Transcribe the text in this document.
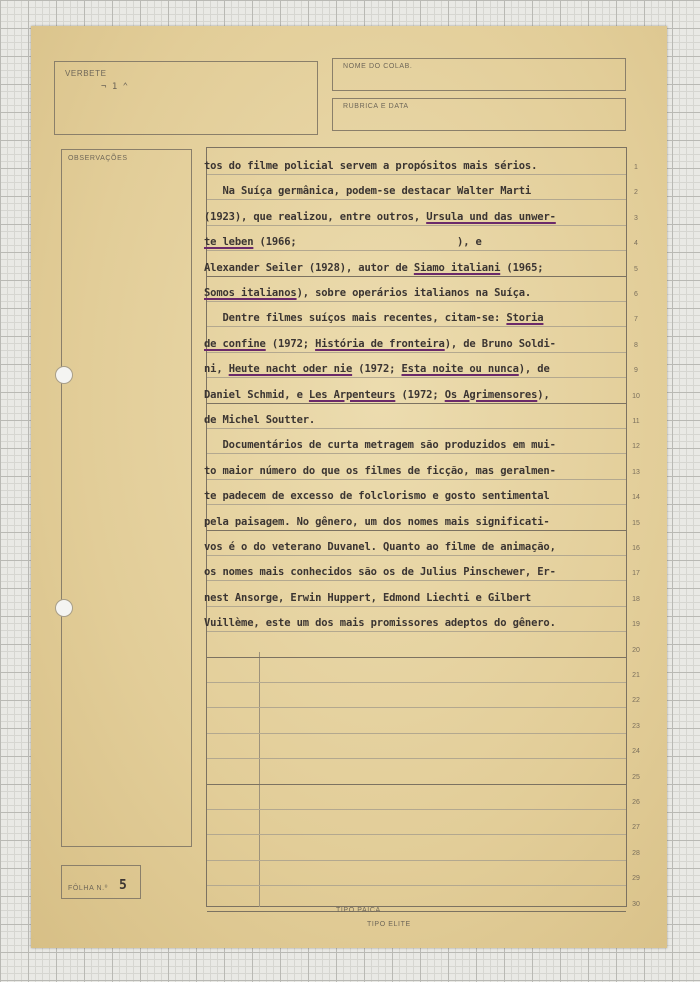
VERBETE
¬ 1 ⌃
NOME DO COLAB.
RUBRICA E DATA
OBSERVAÇÕES
FÔLHA N.º 5
tos do filme policial servem a propósitos mais sérios.
Na Suíça germânica, podem-se destacar Walter Marti
(1923), que realizou, entre outros, Ursula und das unwer-
te leben (1966;                          ), e
Alexander Seiler (1928), autor de Siamo italiani (1965;
Somos italianos), sobre operários italianos na Suíça.
Dentre filmes suíços mais recentes, citam-se: Storia
de confine (1972; História de fronteira), de Bruno Soldi-
ni, Heute nacht oder nie (1972; Esta noite ou nunca), de
Daniel Schmid, e Les Arpenteurs (1972; Os Agrimensores),
de Michel Soutter.
Documentários de curta metragem são produzidos em mui-
to maior número do que os filmes de ficção, mas geralmen-
te padecem de excesso de folclorismo e gosto sentimental
pela paisagem. No gênero, um dos nomes mais significati-
vos é o do veterano Duvanel. Quanto ao filme de animação,
os nomes mais conhecidos são os de Julius Pinschewer, Er-
nest Ansorge, Erwin Huppert, Edmond Liechti e Gilbert
Vuillème, este um dos mais promissores adeptos do gênero.
1
2
3
4
5
6
7
8
9
10
11
12
13
14
15
16
17
18
19
20
21
22
23
24
25
26
27
28
29
30
TIPO PAICA
TIPO ELITE
